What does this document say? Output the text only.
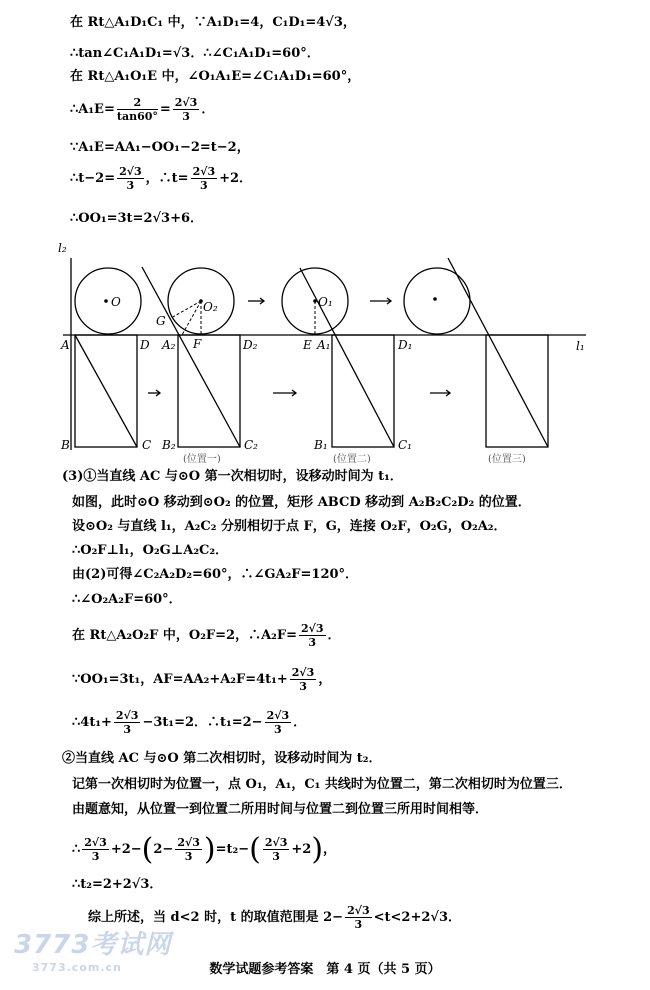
在 Rt△A₁D₁C₁ 中，∵A₁D₁=4，C₁D₁=4√3，
∴tan∠C₁A₁D₁=√3．∴∠C₁A₁D₁=60°．
在 Rt△A₁O₁E 中，∠O₁A₁E=∠C₁A₁D₁=60°，
∴A₁E= $\frac{2}{\tan 60^\circ} = \frac{2√3}{3}$ ．
∵A₁E=AA₁−OO₁−2=t−2，
∴t−2= $\frac{2√3}{3}$ ，∴t= $\frac{2√3}{3} +2$．
∴OO₁=3t=2√3+6．
l₂
l₁
O	O₂	O₁
G
A	D A₂ F	D₂	E A₁	D₁
B	C B₂	C₂	B₁	C₁
(位置一)	(位置二)	(位置三)
(3)①当直线 AC 与⊙O 第一次相切时，设移动时间为 t₁．
如图，此时⊙O 移动到⊙O₂ 的位置，矩形 ABCD 移动到 A₂B₂C₂D₂ 的位置．
设⊙O₂ 与直线 l₁，A₂C₂ 分别相切于点 F，G，连接 O₂F，O₂G，O₂A₂．
∴O₂F⊥l₁，O₂G⊥A₂C₂．
由(2)可得∠C₂A₂D₂=60°，∴∠GA₂F=120°．
∴∠O₂A₂F=60°．
在 Rt△A₂O₂F 中，O₂F=2，∴A₂F= $\frac{2√3}{3}$ ．
∵OO₁=3t₁，$AF=AA_2+A_2F=4t_1+ \frac{2√3}{3}$ ，
∴4t₁+ $\frac{2√3}{3} -3t_1=2$．∴t₁=2− $\frac{2√3}{3}$ ．
②当直线 AC 与⊙O 第二次相切时，设移动时间为 t₂．
记第一次相切时为位置一，点 O₁，A₁，C₁ 共线时为位置二，第二次相切时为位置三．
由题意知，从位置一到位置二所用时间与位置二到位置三所用时间相等．
∴ $\frac{2√3}{3} +2-(2- \frac{2√3}{3} )=t_2-( \frac{2√3}{3} +2)$，
∴t₂=2+2√3．
综上所述，当 d<2 时，t 的取值范围是 $2- \frac{2√3}{3} <t<2+2√3$．
3773考试网
3773.com.cn	数学试题参考答案　第 4 页（共 5 页）
